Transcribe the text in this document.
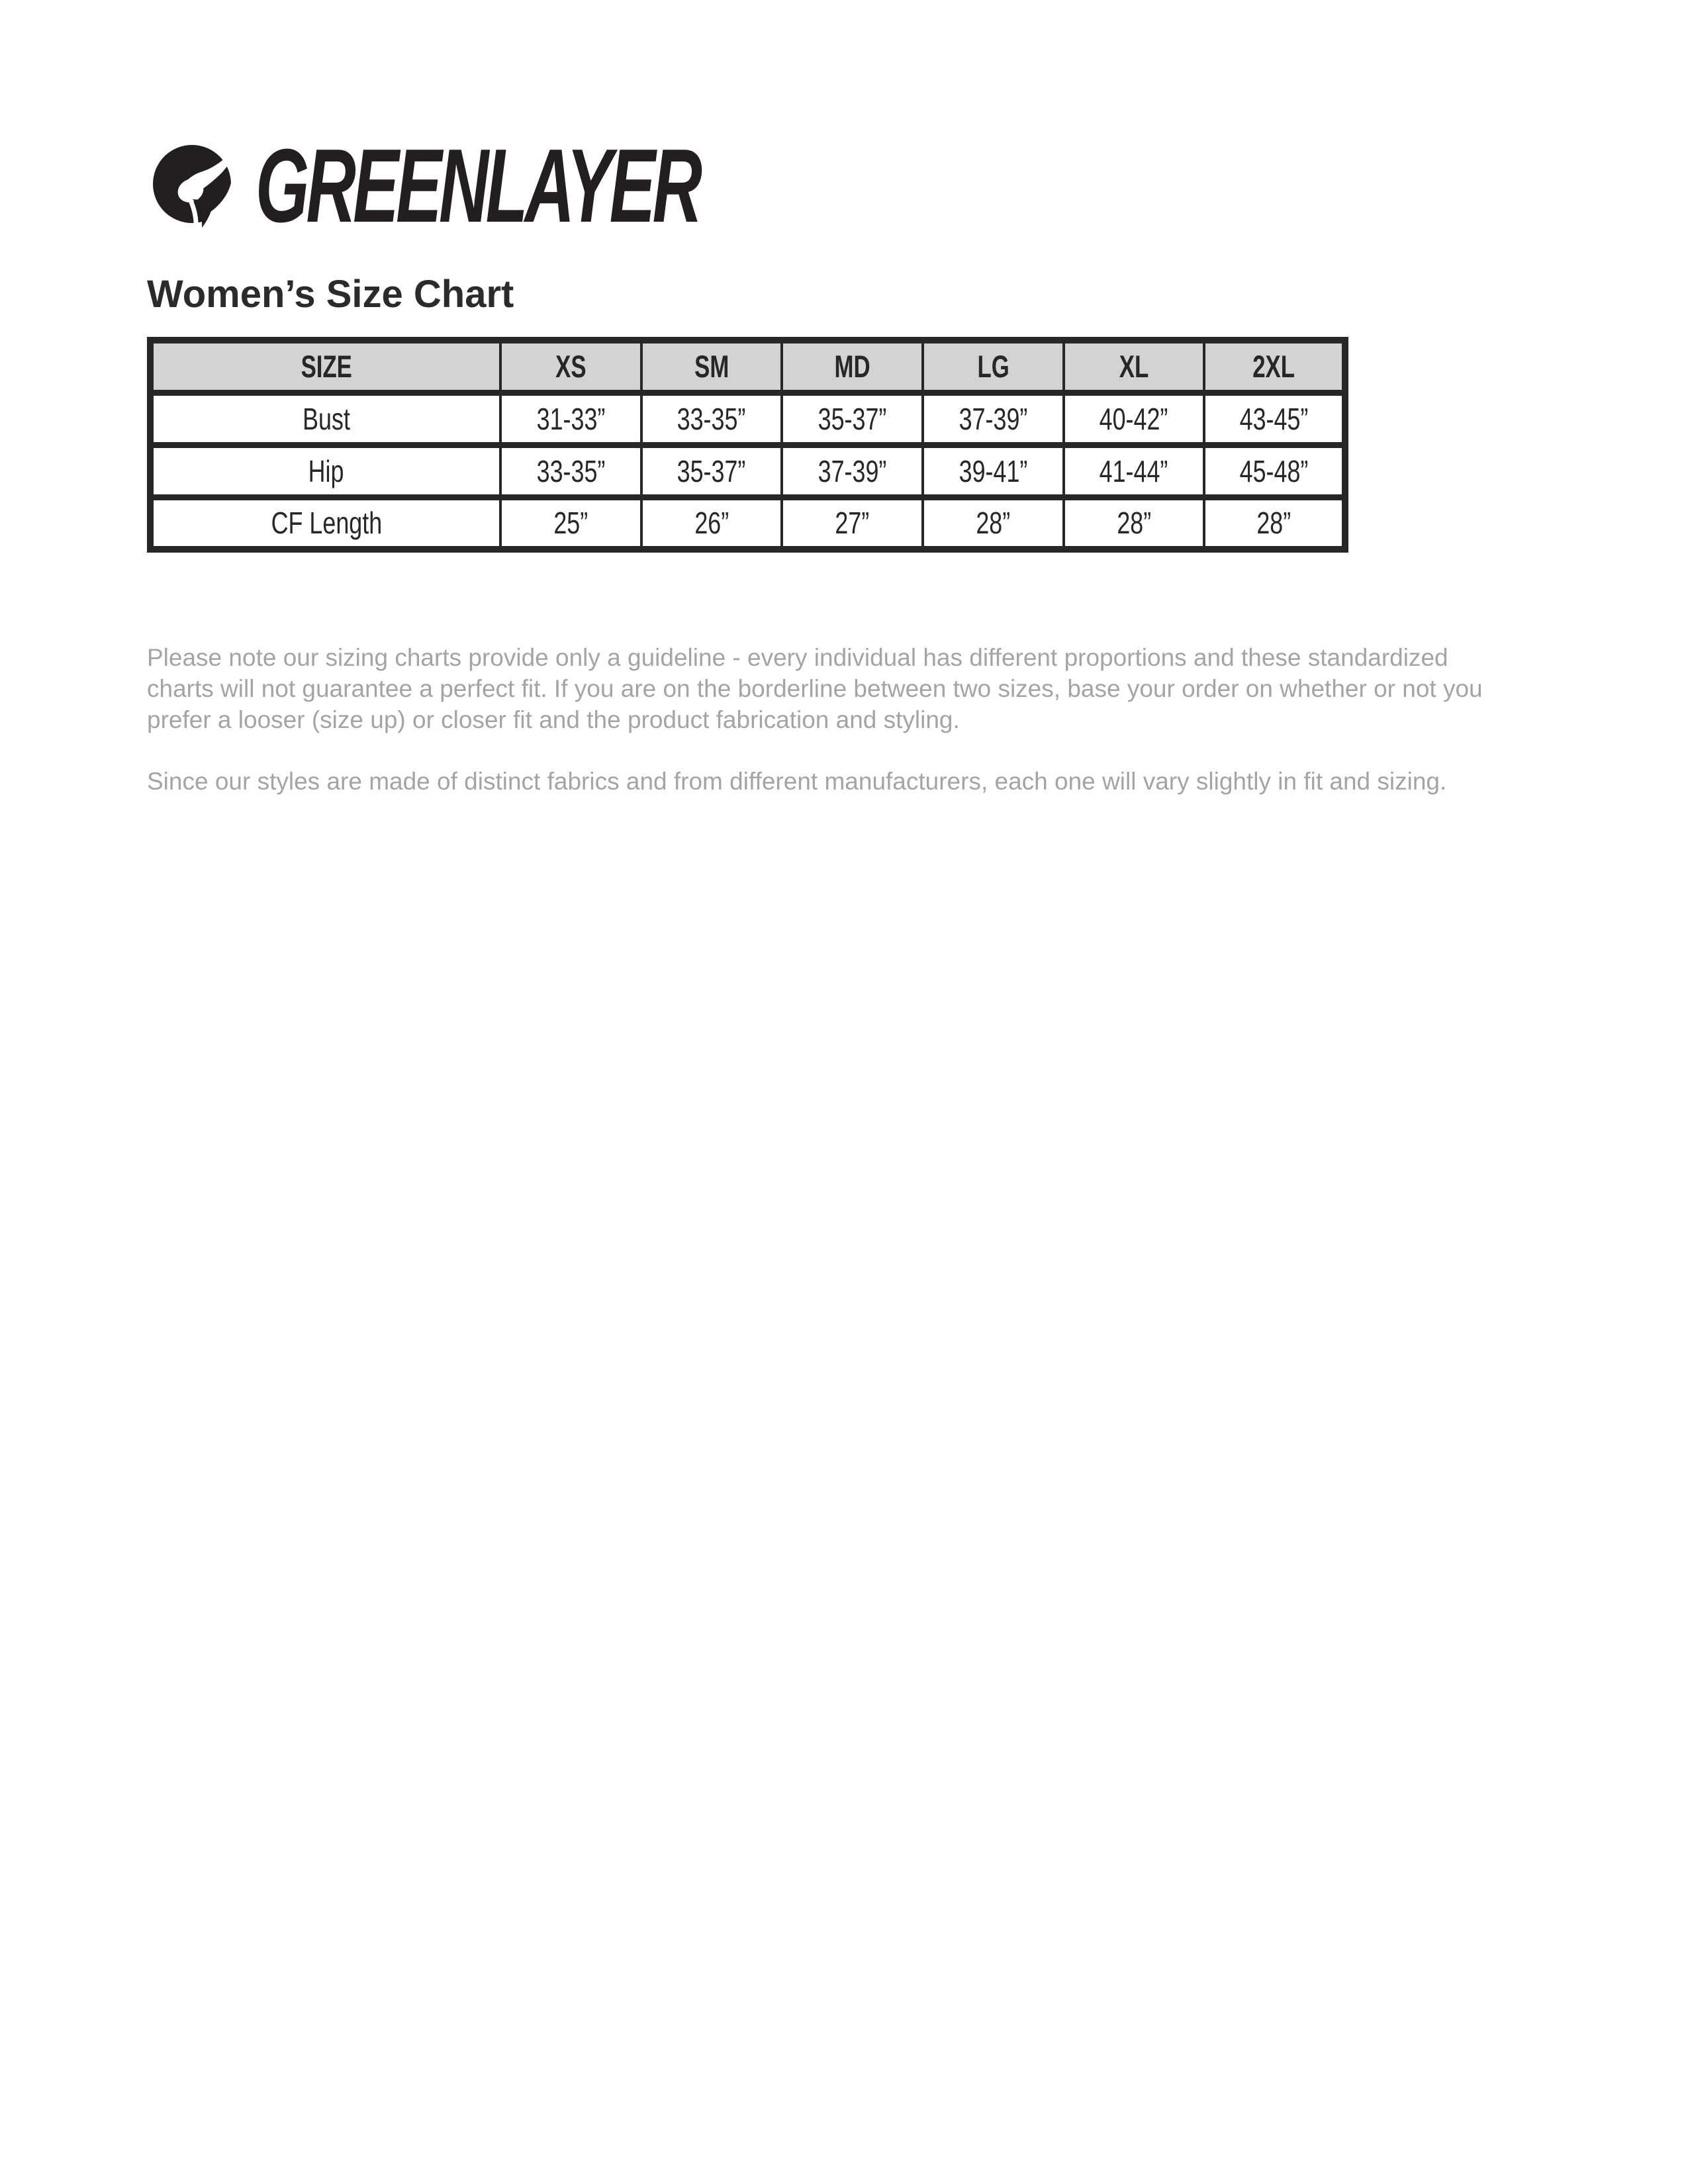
GREENLAYER
Women’s Size Chart
SIZE	XS	SM	MD	LG	XL	2XL
Bust	31-33”	33-35”	35-37”	37-39”	40-42”	43-45”
Hip	33-35”	35-37”	37-39”	39-41”	41-44”	45-48”
CF Length	25”	26”	27”	28”	28”	28”

Please note our sizing charts provide only a guideline - every individual has different proportions and these standardized charts will not guarantee a perfect fit. If you are on the borderline between two sizes, base your order on whether or not you prefer a looser (size up) or closer fit and the product fabrication and styling.

Since our styles are made of distinct fabrics and from different manufacturers, each one will vary slightly in fit and sizing.
